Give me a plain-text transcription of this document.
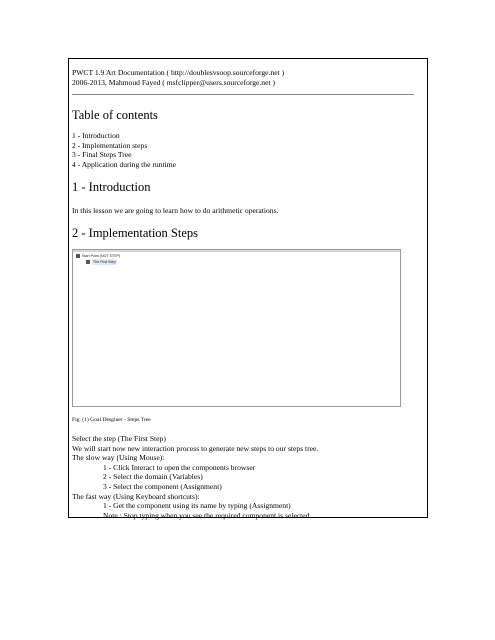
PWCT 1.9 Art Documentation ( http://doublesvsoop.sourceforge.net )
2006-2013, Mahmoud Fayed ( msfclipper@users.sourceforge.net )
Table of contents
1 - Introduction
2 - Implementation steps
3 - Final Steps Tree
4 - Application during the runtime
1 - Introduction
In this lesson we are going to learn how to do arithmetic operations.
2 - Implementation Steps
Start Point (NOT STEP)
The First Step
Fig. (1) Goal Desginer - Steps Tree
Select the step (The First Step)
We will start now new interaction process to generate new steps to our steps tree.
The slow way (Using Mouse):
1 - Click Interact to open the components browser
2 - Select the domain (Variables)
3 - Select the component (Assignment)
The fast way (Using Keyboard shortcuts):
1 - Get the component using its name by typing (Assignment)
Note : Stop typing when you see the required component is selected
